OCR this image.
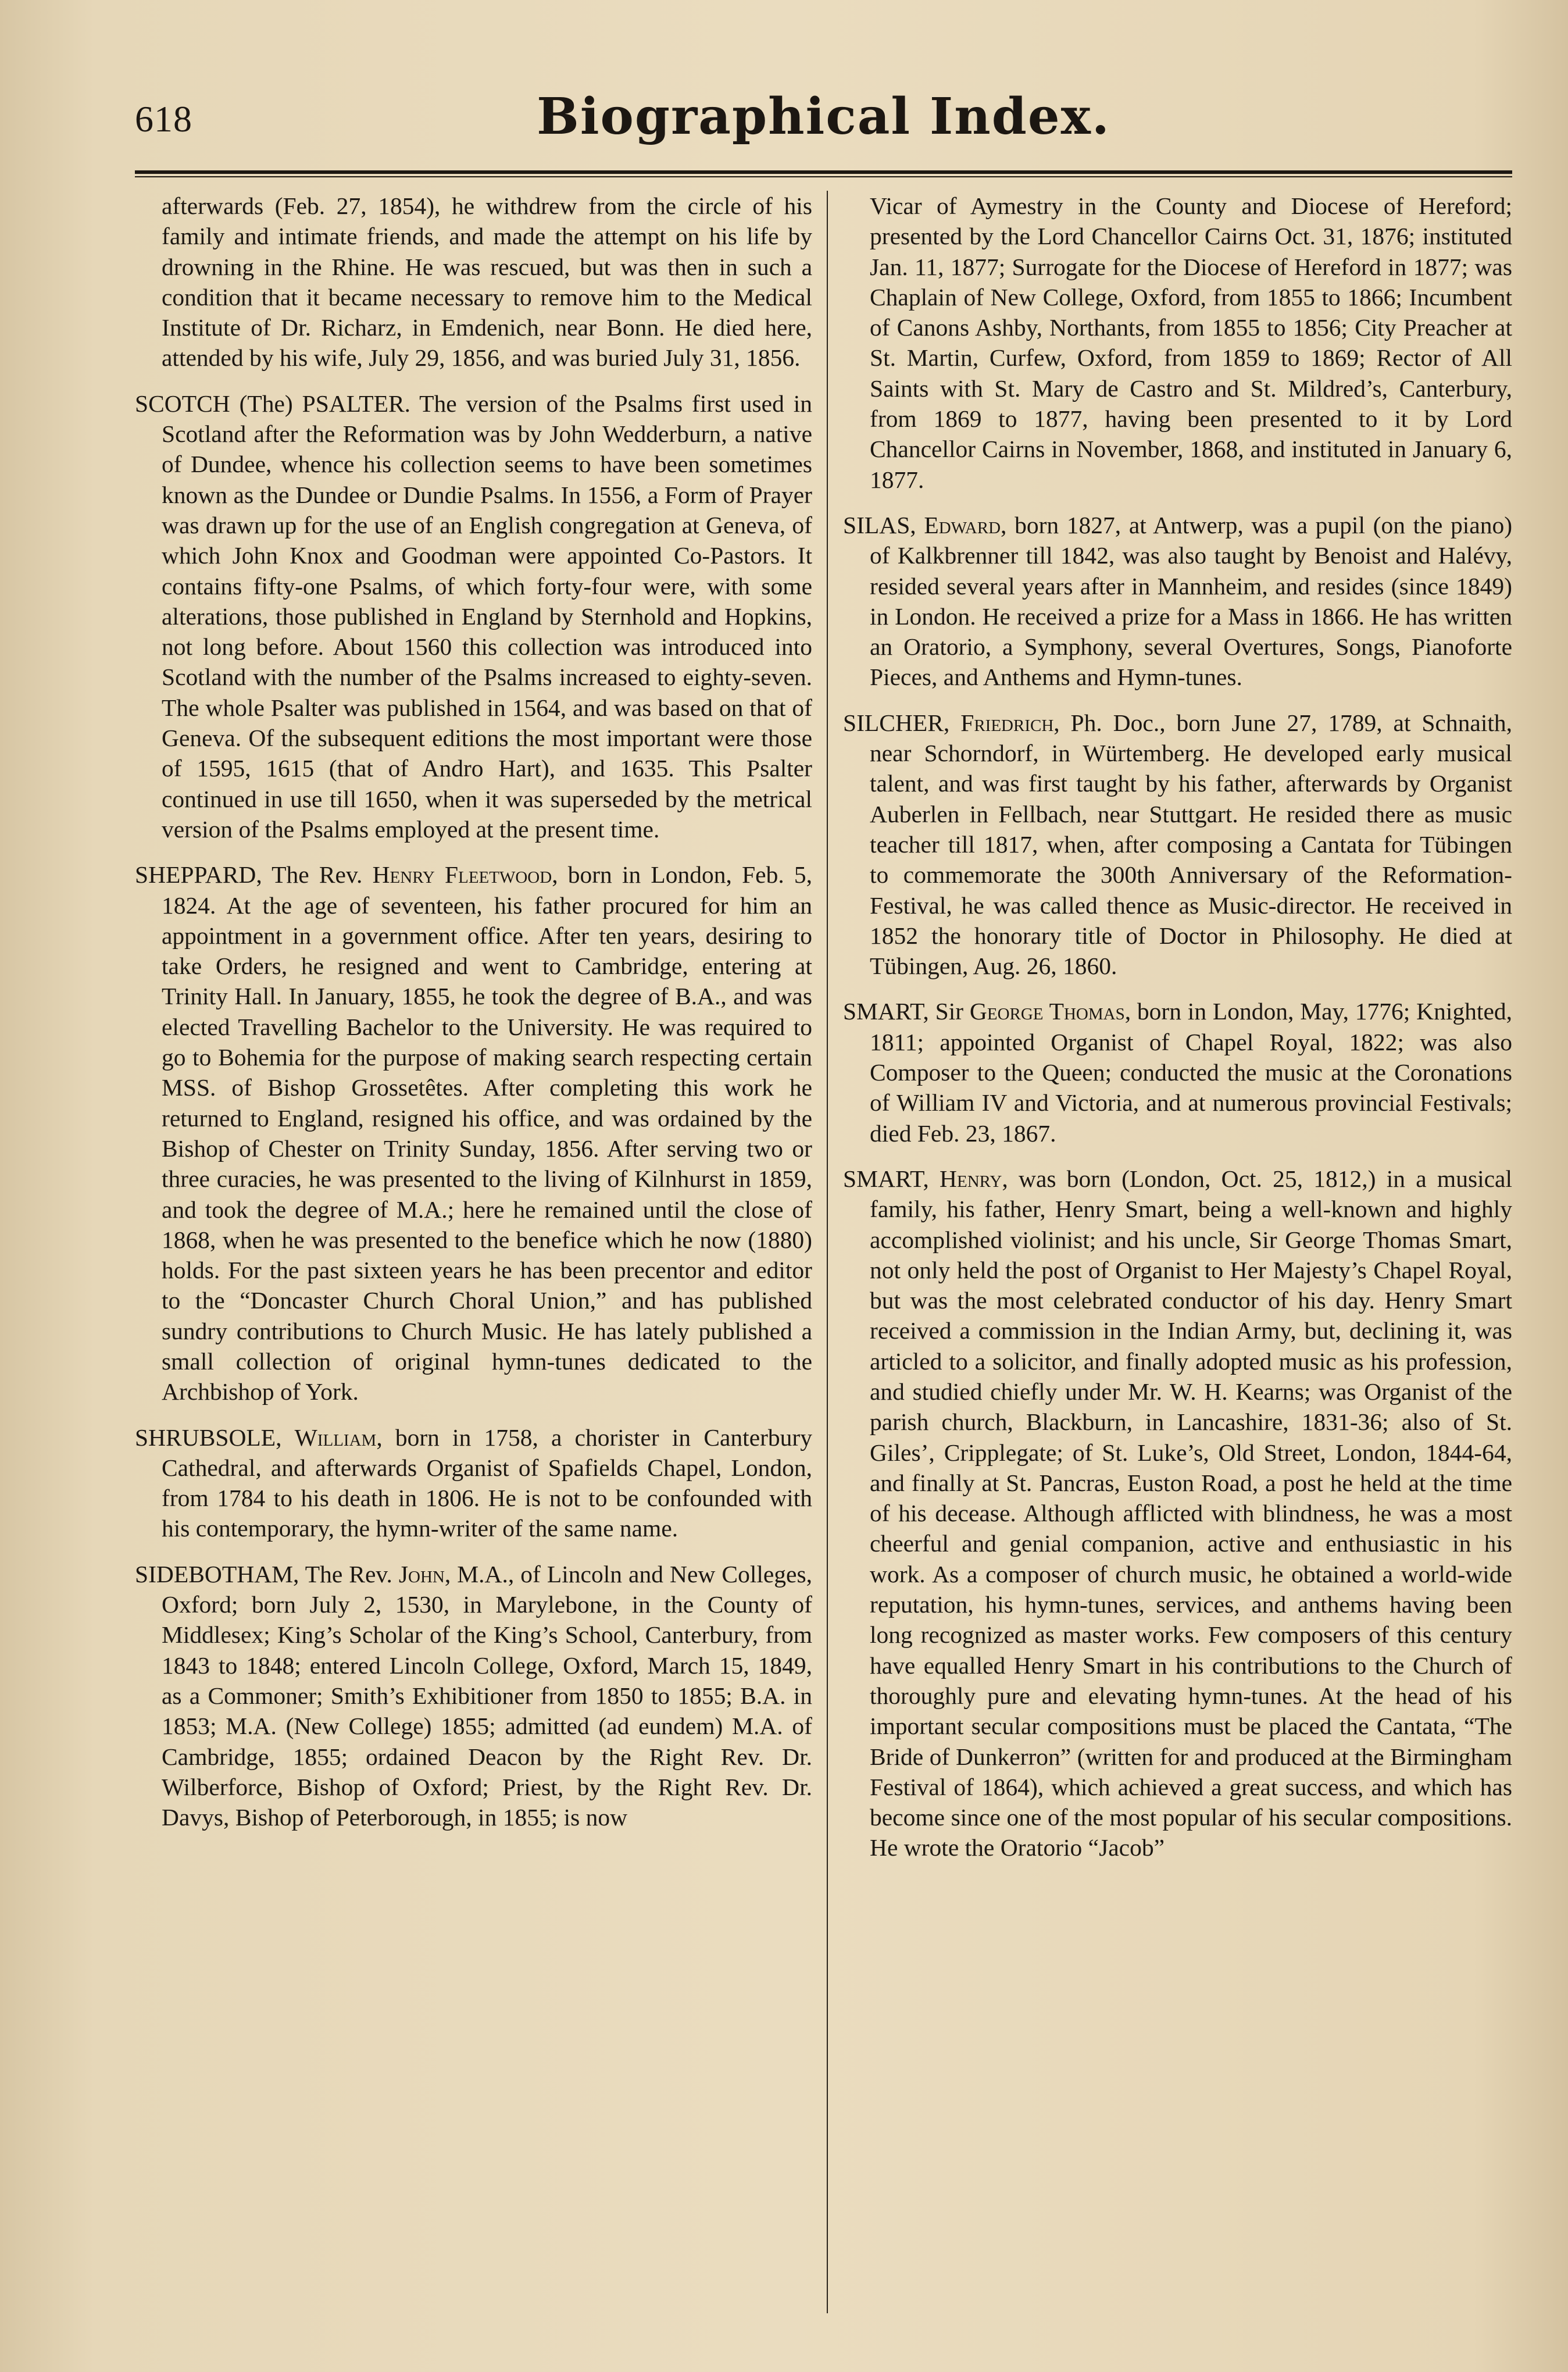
618	Biographical Index.

afterwards (Feb. 27, 1854), he withdrew from the circle of his family and intimate friends, and made the attempt on his life by drowning in the Rhine. He was rescued, but was then in such a condition that it became necessary to remove him to the Medical Institute of Dr. Richarz, in Emdenich, near Bonn. He died here, attended by his wife, July 29, 1856, and was buried July 31, 1856.

SCOTCH (The) PSALTER. The version of the Psalms first used in Scotland after the Reformation was by John Wedderburn, a native of Dundee, whence his collection seems to have been sometimes known as the Dundee or Dundie Psalms. In 1556, a Form of Prayer was drawn up for the use of an English congregation at Geneva, of which John Knox and Goodman were appointed Co-Pastors. It contains fifty-one Psalms, of which forty-four were, with some alterations, those published in England by Sternhold and Hopkins, not long before. About 1560 this collection was introduced into Scotland with the number of the Psalms increased to eighty-seven. The whole Psalter was published in 1564, and was based on that of Geneva. Of the subsequent editions the most important were those of 1595, 1615 (that of Andro Hart), and 1635. This Psalter continued in use till 1650, when it was superseded by the metrical version of the Psalms employed at the present time.

SHEPPARD, The Rev. Henry Fleetwood, born in London, Feb. 5, 1824. At the age of seventeen, his father procured for him an appointment in a government office. After ten years, desiring to take Orders, he resigned and went to Cambridge, entering at Trinity Hall. In January, 1855, he took the degree of B.A., and was elected Travelling Bachelor to the University. He was required to go to Bohemia for the purpose of making search respecting certain MSS. of Bishop Grossetêtes. After completing this work he returned to England, resigned his office, and was ordained by the Bishop of Chester on Trinity Sunday, 1856. After serving two or three curacies, he was presented to the living of Kilnhurst in 1859, and took the degree of M.A.; here he remained until the close of 1868, when he was presented to the benefice which he now (1880) holds. For the past sixteen years he has been precentor and editor to the “Doncaster Church Choral Union,” and has published sundry contributions to Church Music. He has lately published a small collection of original hymn-tunes dedicated to the Archbishop of York.

SHRUBSOLE, William, born in 1758, a chorister in Canterbury Cathedral, and afterwards Organist of Spafields Chapel, London, from 1784 to his death in 1806. He is not to be confounded with his contemporary, the hymn-writer of the same name.

SIDEBOTHAM, The Rev. John, M.A., of Lincoln and New Colleges, Oxford; born July 2, 1530, in Marylebone, in the County of Middlesex; King’s Scholar of the King’s School, Canterbury, from 1843 to 1848; entered Lincoln College, Oxford, March 15, 1849, as a Commoner; Smith’s Exhibitioner from 1850 to 1855; B.A. in 1853; M.A. (New College) 1855; admitted (ad eundem) M.A. of Cambridge, 1855; ordained Deacon by the Right Rev. Dr. Wilberforce, Bishop of Oxford; Priest, by the Right Rev. Dr. Davys, Bishop of Peterborough, in 1855; is now

Vicar of Aymestry in the County and Diocese of Hereford; presented by the Lord Chancellor Cairns Oct. 31, 1876; instituted Jan. 11, 1877; Surrogate for the Diocese of Hereford in 1877; was Chaplain of New College, Oxford, from 1855 to 1866; Incumbent of Canons Ashby, Northants, from 1855 to 1856; City Preacher at St. Martin, Curfew, Oxford, from 1859 to 1869; Rector of All Saints with St. Mary de Castro and St. Mildred’s, Canterbury, from 1869 to 1877, having been presented to it by Lord Chancellor Cairns in November, 1868, and instituted in January 6, 1877.

SILAS, Edward, born 1827, at Antwerp, was a pupil (on the piano) of Kalkbrenner till 1842, was also taught by Benoist and Halévy, resided several years after in Mannheim, and resides (since 1849) in London. He received a prize for a Mass in 1866. He has written an Oratorio, a Symphony, several Overtures, Songs, Pianoforte Pieces, and Anthems and Hymn-tunes.

SILCHER, Friedrich, Ph. Doc., born June 27, 1789, at Schnaith, near Schorndorf, in Würtemberg. He developed early musical talent, and was first taught by his father, afterwards by Organist Auberlen in Fellbach, near Stuttgart. He resided there as music teacher till 1817, when, after composing a Cantata for Tübingen to commemorate the 300th Anniversary of the Reformation-Festival, he was called thence as Music-director. He received in 1852 the honorary title of Doctor in Philosophy. He died at Tübingen, Aug. 26, 1860.

SMART, Sir George Thomas, born in London, May, 1776; Knighted, 1811; appointed Organist of Chapel Royal, 1822; was also Composer to the Queen; conducted the music at the Coronations of William IV and Victoria, and at numerous provincial Festivals; died Feb. 23, 1867.

SMART, Henry, was born (London, Oct. 25, 1812,) in a musical family, his father, Henry Smart, being a well-known and highly accomplished violinist; and his uncle, Sir George Thomas Smart, not only held the post of Organist to Her Majesty’s Chapel Royal, but was the most celebrated conductor of his day. Henry Smart received a commission in the Indian Army, but, declining it, was articled to a solicitor, and finally adopted music as his profession, and studied chiefly under Mr. W. H. Kearns; was Organist of the parish church, Blackburn, in Lancashire, 1831-36; also of St. Giles’, Cripplegate; of St. Luke’s, Old Street, London, 1844-64, and finally at St. Pancras, Euston Road, a post he held at the time of his decease. Although afflicted with blindness, he was a most cheerful and genial companion, active and enthusiastic in his work. As a composer of church music, he obtained a world-wide reputation, his hymn-tunes, services, and anthems having been long recognized as master works. Few composers of this century have equalled Henry Smart in his contributions to the Church of thoroughly pure and elevating hymn-tunes. At the head of his important secular compositions must be placed the Cantata, “The Bride of Dunkerron” (written for and produced at the Birmingham Festival of 1864), which achieved a great success, and which has become since one of the most popular of his secular compositions. He wrote the Oratorio “Jacob”
